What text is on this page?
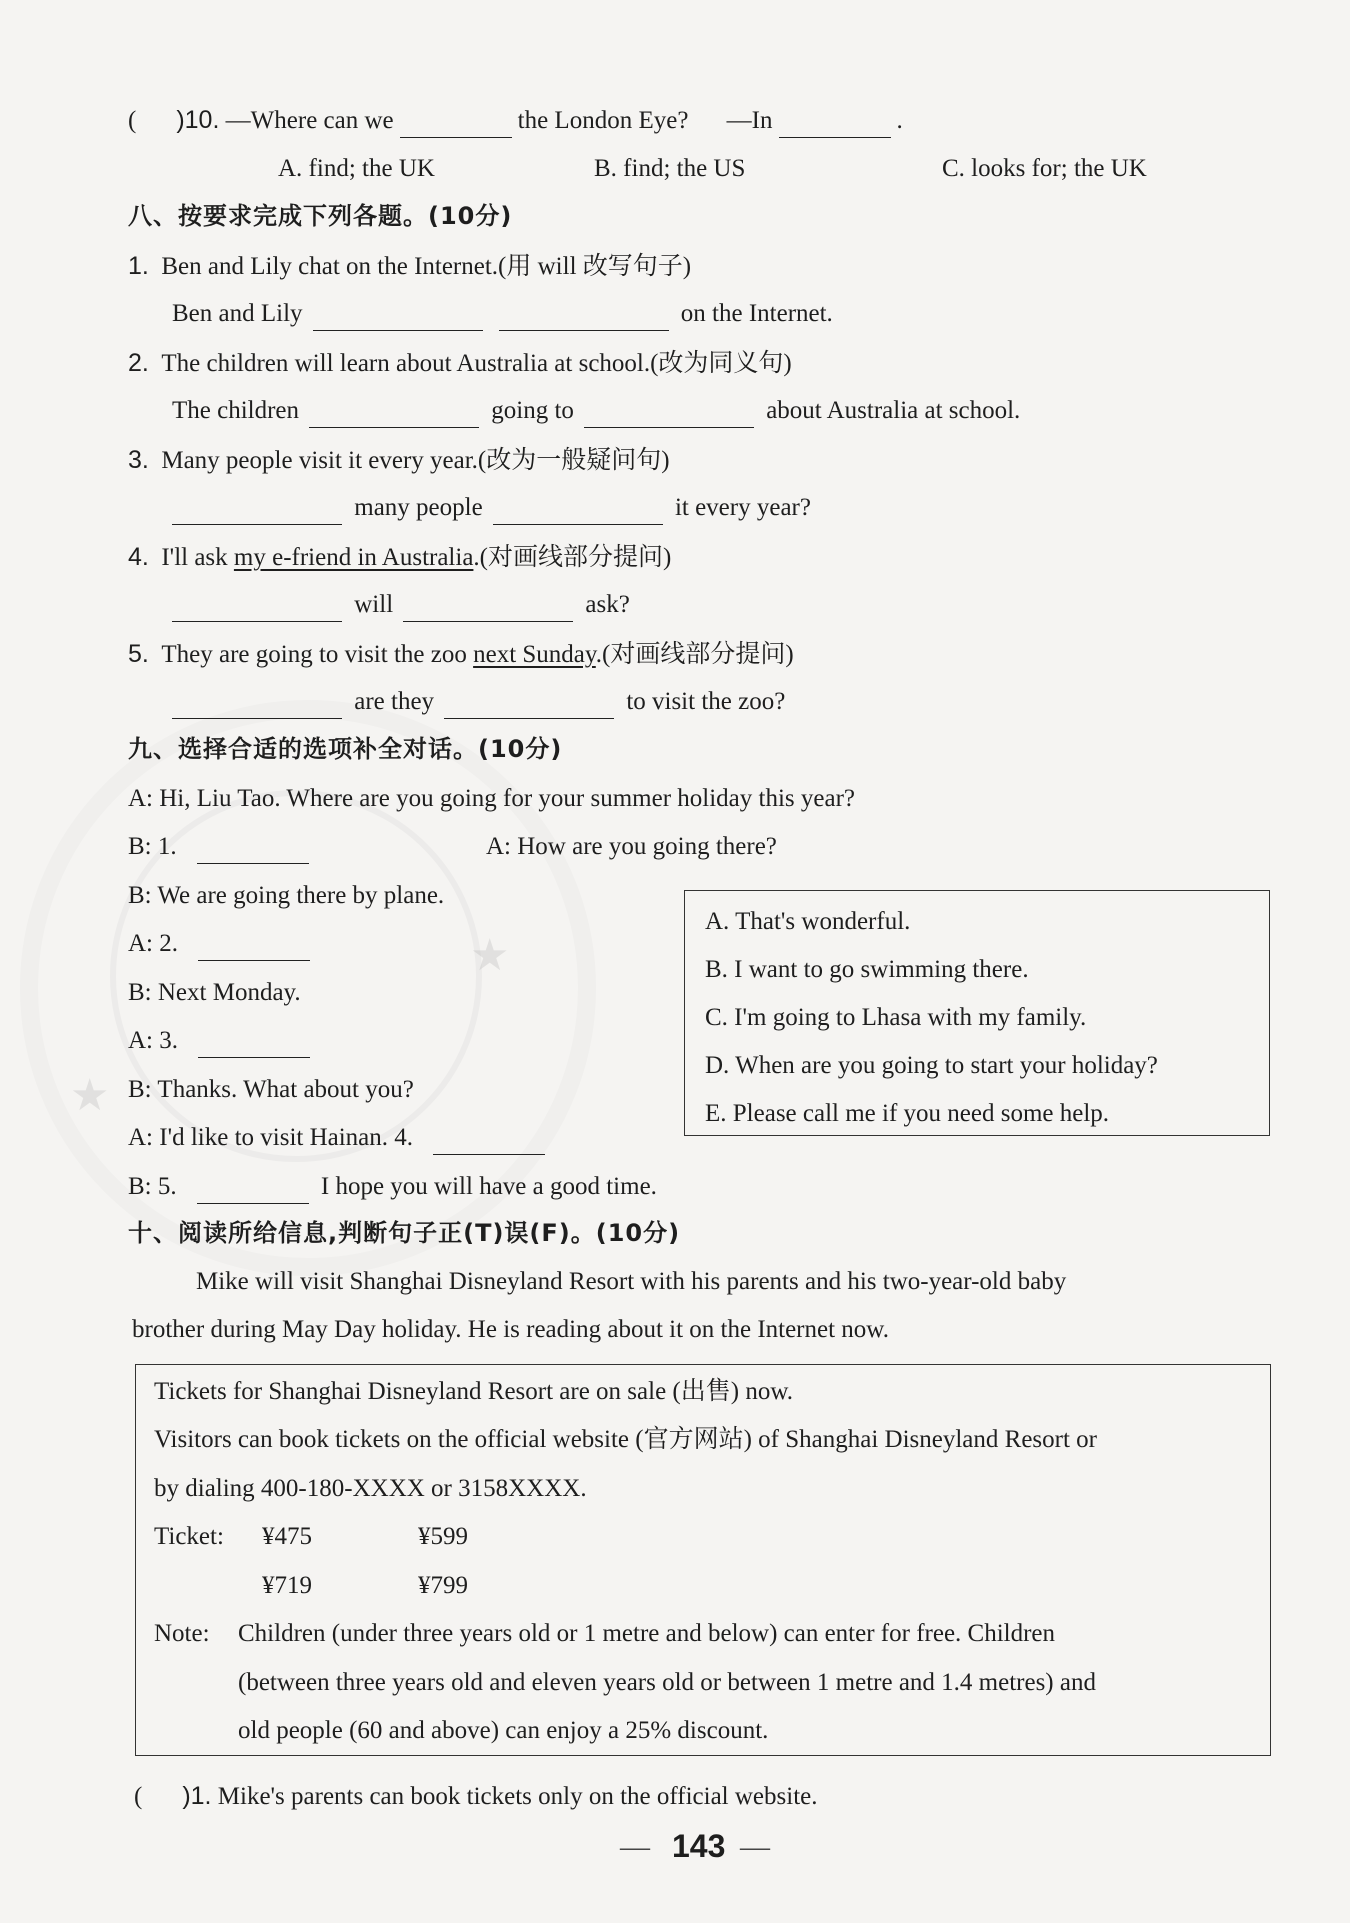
★
★
( )10. —Where can we	the London Eye? —In	.
A. find; the UK	B. find; the US	C. looks for; the UK
八、按要求完成下列各题。(10分)
1. Ben and Lily chat on the Internet.(用 will 改写句子)
Ben and Lily	on the Internet.
2. The children will learn about Australia at school.(改为同义句)
The children	going to	about Australia at school.
3. Many people visit it every year.(改为一般疑问句)
many people	it every year?
4. I'll ask my e-friend in Australia.(对画线部分提问)
will	ask?
5. They are going to visit the zoo next Sunday.(对画线部分提问)
are they	to visit the zoo?
九、选择合适的选项补全对话。(10分)
A: Hi, Liu Tao. Where are you going for your summer holiday this year?
B: 1.	A: How are you going there?
B: We are going there by plane.
A: 2.
B: Next Monday.
A: 3.
B: Thanks. What about you?
A: I'd like to visit Hainan. 4.
B: 5.	I hope you will have a good time.
A. That's wonderful.
B. I want to go swimming there.
C. I'm going to Lhasa with my family.
D. When are you going to start your holiday?
E. Please call me if you need some help.
十、阅读所给信息,判断句子正(T)误(F)。(10分)
Mike will visit Shanghai Disneyland Resort with his parents and his two-year-old baby
brother during May Day holiday. He is reading about it on the Internet now.
Tickets for Shanghai Disneyland Resort are on sale (出售) now.
Visitors can book tickets on the official website (官方网站) of Shanghai Disneyland Resort or
by dialing 400-180-XXXX or 3158XXXX.
Ticket: ¥475	¥599
¥719	¥799
Note: Children (under three years old or 1 metre and below) can enter for free. Children
(between three years old and eleven years old or between 1 metre and 1.4 metres) and
old people (60 and above) can enjoy a 25% discount.
( )1. Mike's parents can book tickets only on the official website.
— 143 —
